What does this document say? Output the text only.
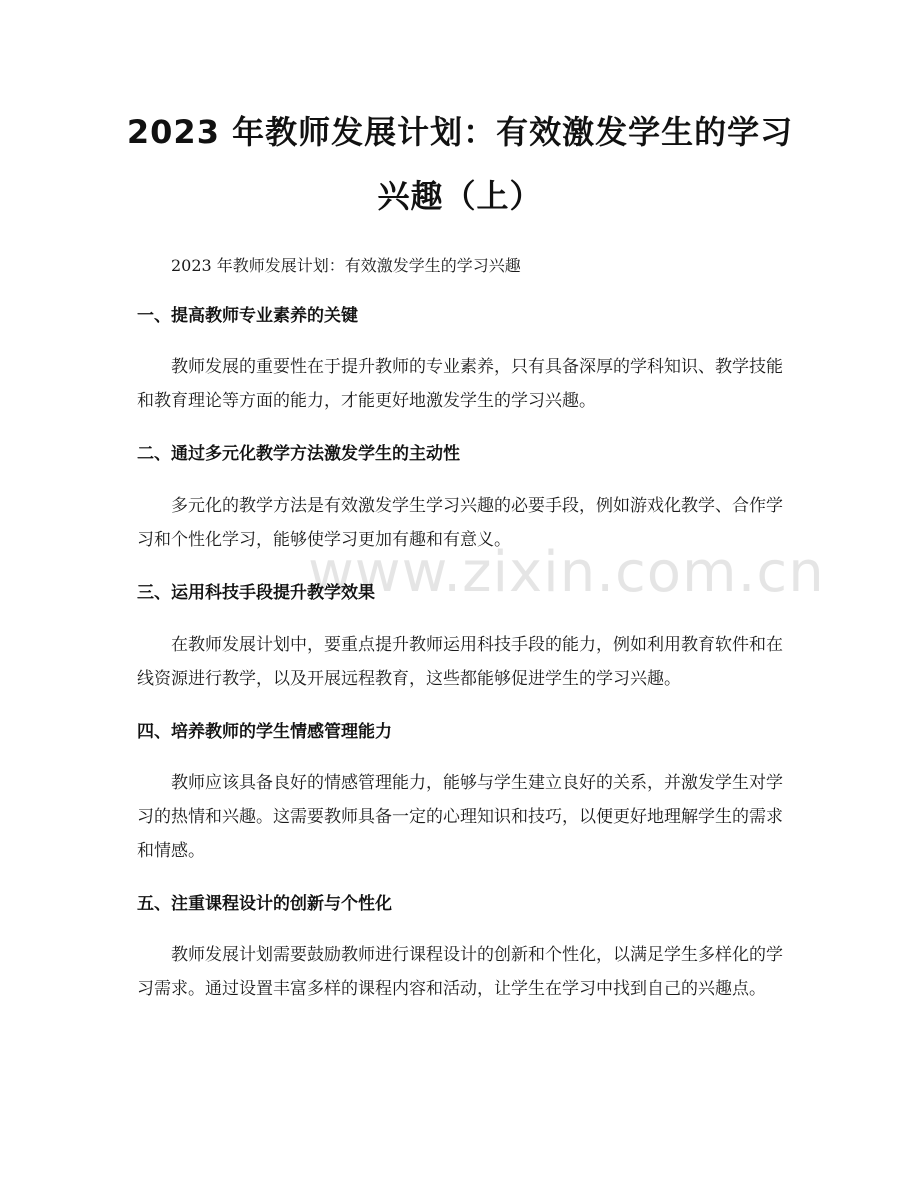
2023 年教师发展计划：有效激发学生的学习
兴趣（上）
2023 年教师发展计划：有效激发学生的学习兴趣
一、提高教师专业素养的关键
教师发展的重要性在于提升教师的专业素养，只有具备深厚的学科知识、教学技能和教育理论等方面的能力，才能更好地激发学生的学习兴趣。
二、通过多元化教学方法激发学生的主动性
多元化的教学方法是有效激发学生学习兴趣的必要手段，例如游戏化教学、合作学习和个性化学习，能够使学习更加有趣和有意义。
三、运用科技手段提升教学效果
在教师发展计划中，要重点提升教师运用科技手段的能力，例如利用教育软件和在线资源进行教学，以及开展远程教育，这些都能够促进学生的学习兴趣。
四、培养教师的学生情感管理能力
教师应该具备良好的情感管理能力，能够与学生建立良好的关系，并激发学生对学习的热情和兴趣。这需要教师具备一定的心理知识和技巧，以便更好地理解学生的需求和情感。
五、注重课程设计的创新与个性化
教师发展计划需要鼓励教师进行课程设计的创新和个性化，以满足学生多样化的学习需求。通过设置丰富多样的课程内容和活动，让学生在学习中找到自己的兴趣点。
www.zixin.com.cn
